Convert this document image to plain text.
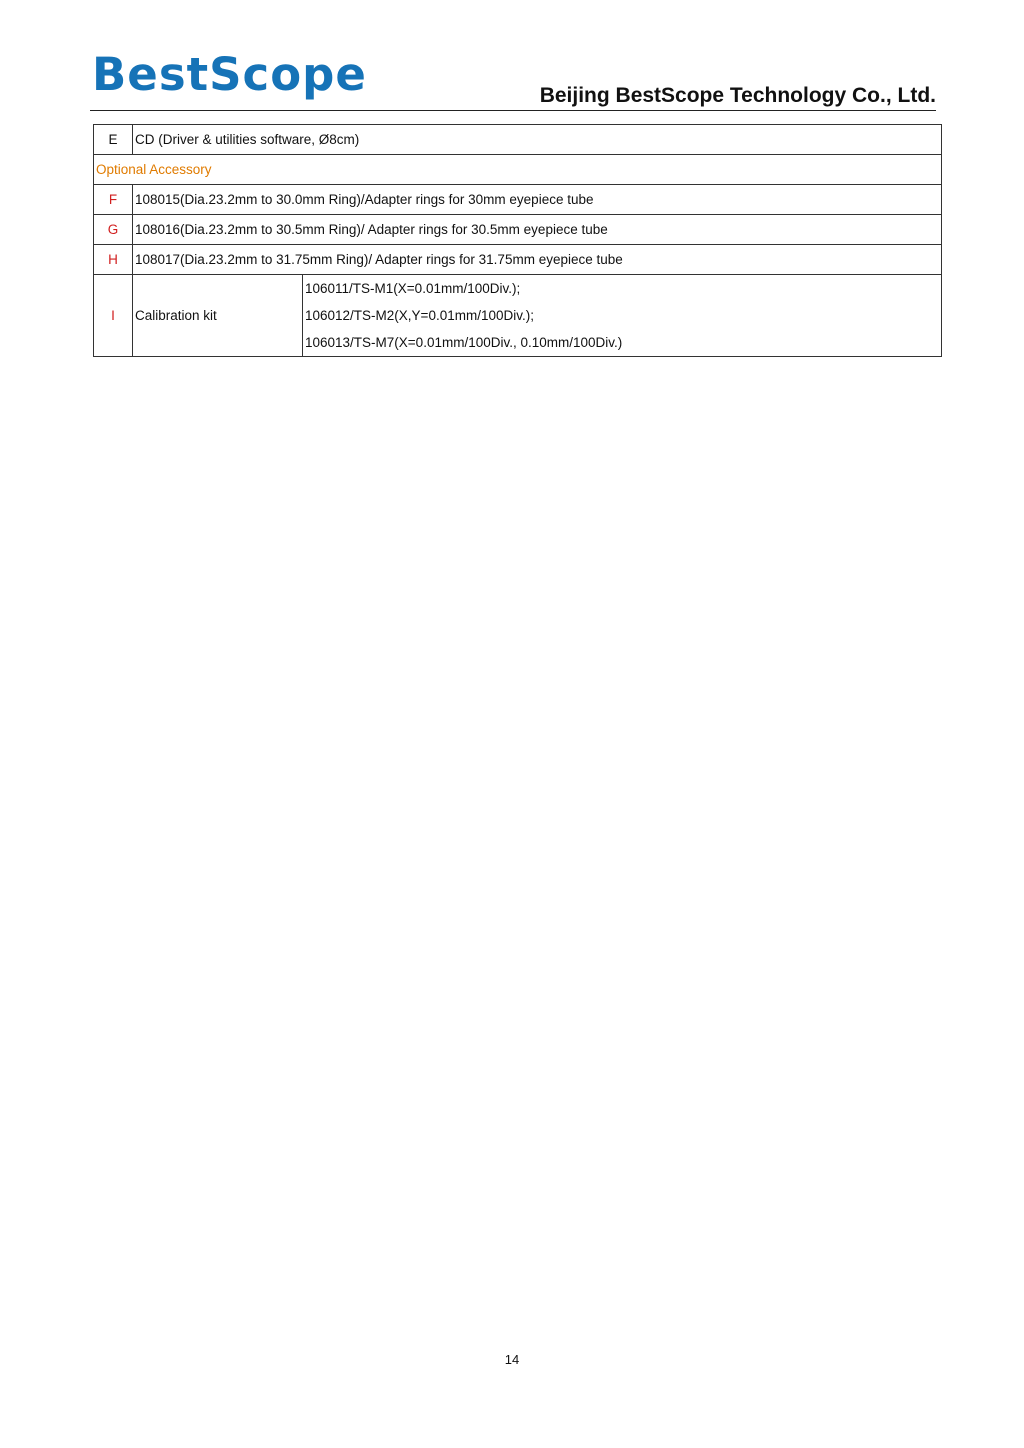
BestScope	Beijing BestScope Technology Co., Ltd.
E	CD (Driver & utilities software, Ø8cm)	
Optional Accessory		
F	108015(Dia.23.2mm to 30.0mm Ring)/Adapter rings for 30mm eyepiece tube	
G	108016(Dia.23.2mm to 30.5mm Ring)/ Adapter rings for 30.5mm eyepiece tube	
H	108017(Dia.23.2mm to 31.75mm Ring)/ Adapter rings for 31.75mm eyepiece tube	
I	Calibration kit	106011/TS-M1(X=0.01mm/100Div.);
106012/TS-M2(X,Y=0.01mm/100Div.);
106013/TS-M7(X=0.01mm/100Div., 0.10mm/100Div.)
14
